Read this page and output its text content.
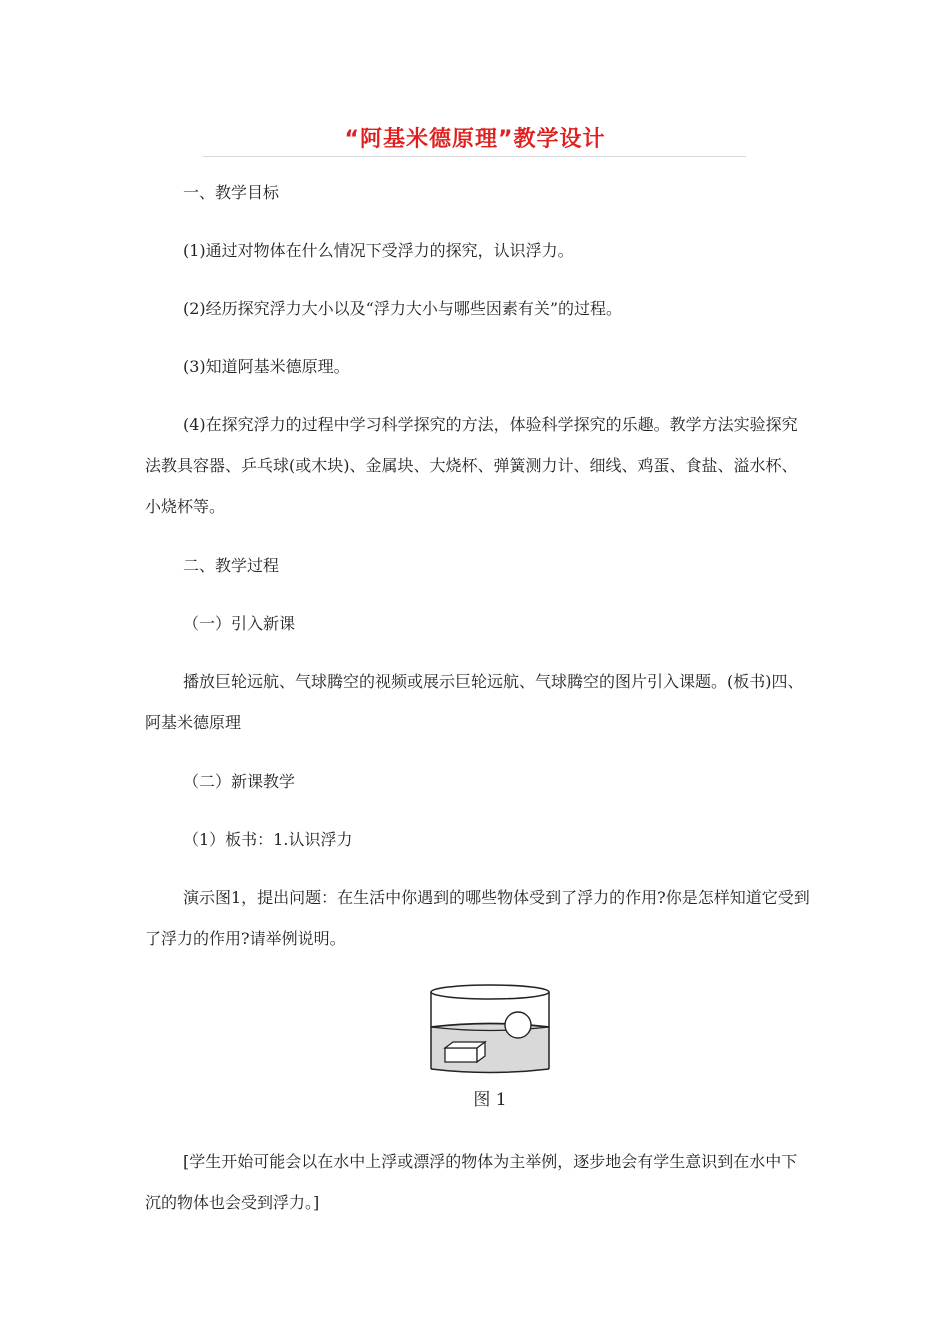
“阿基米德原理”教学设计

一、教学目标

(1)通过对物体在什么情况下受浮力的探究，认识浮力。

(2)经历探究浮力大小以及“浮力大小与哪些因素有关”的过程。

(3)知道阿基米德原理。

(4)在探究浮力的过程中学习科学探究的方法，体验科学探究的乐趣。教学方法实验探究法教具容器、乒乓球(或木块)、金属块、大烧杯、弹簧测力计、细线、鸡蛋、食盐、溢水杯、小烧杯等。

二、教学过程

（一）引入新课

播放巨轮远航、气球腾空的视频或展示巨轮远航、气球腾空的图片引入课题。(板书)四、阿基米德原理

（二）新课教学

（1）板书：1.认识浮力

演示图1，提出问题：在生活中你遇到的哪些物体受到了浮力的作用?你是怎样知道它受到了浮力的作用?请举例说明。

图 1

[学生开始可能会以在水中上浮或漂浮的物体为主举例，逐步地会有学生意识到在水中下沉的物体也会受到浮力。]
